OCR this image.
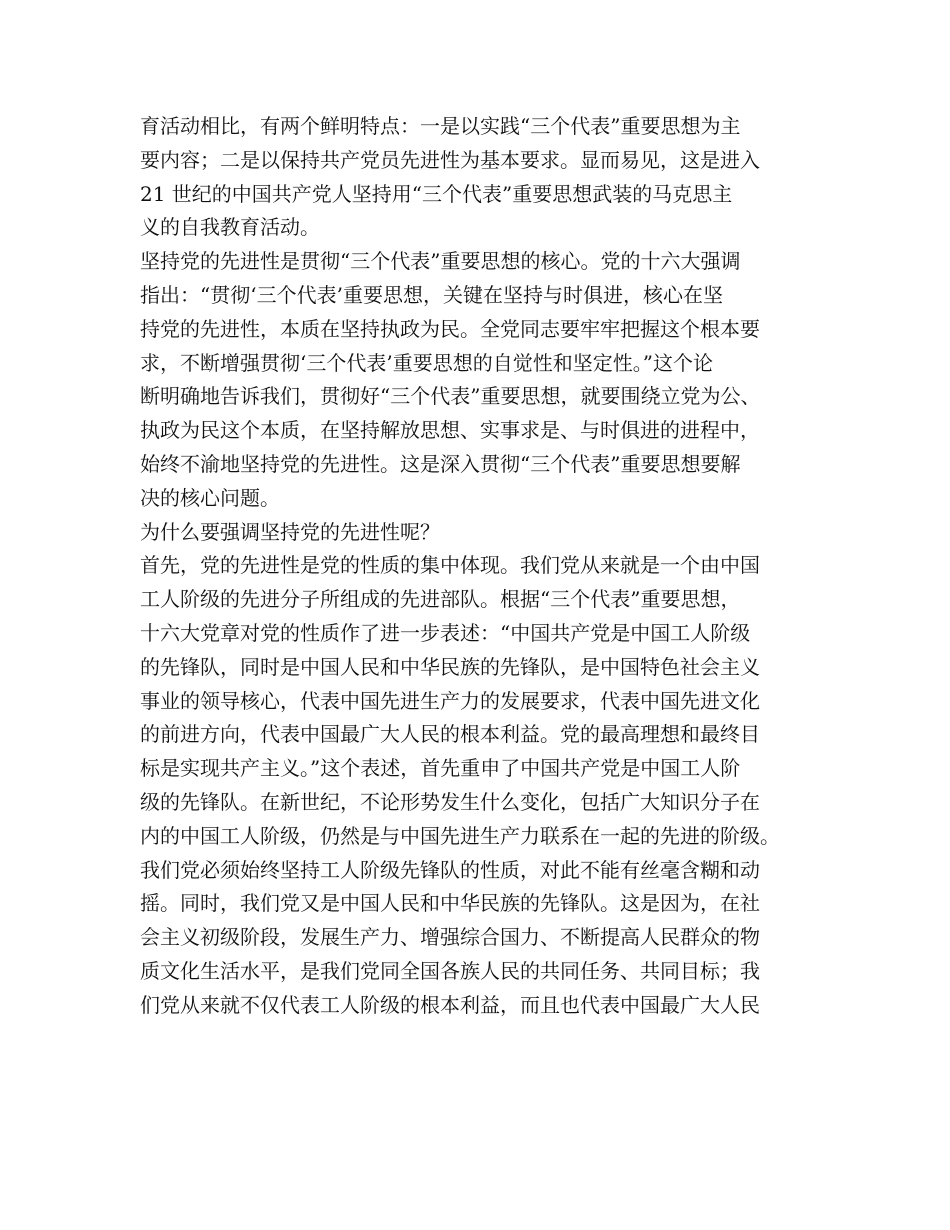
育活动相比，有两个鲜明特点：一是以实践“三个代表”重要思想为主
要内容；二是以保持共产党员先进性为基本要求。显而易见，这是进入
21 世纪的中国共产党人坚持用“三个代表”重要思想武装的马克思主
义的自我教育活动。
坚持党的先进性是贯彻“三个代表”重要思想的核心。党的十六大强调
指出：“贯彻‘三个代表’重要思想，关键在坚持与时俱进，核心在坚
持党的先进性，本质在坚持执政为民。全党同志要牢牢把握这个根本要
求，不断增强贯彻‘三个代表’重要思想的自觉性和坚定性。”这个论
断明确地告诉我们，贯彻好“三个代表”重要思想，就要围绕立党为公、
执政为民这个本质，在坚持解放思想、实事求是、与时俱进的进程中，
始终不渝地坚持党的先进性。这是深入贯彻“三个代表”重要思想要解
决的核心问题。
为什么要强调坚持党的先进性呢？
首先，党的先进性是党的性质的集中体现。我们党从来就是一个由中国
工人阶级的先进分子所组成的先进部队。根据“三个代表”重要思想，
十六大党章对党的性质作了进一步表述：“中国共产党是中国工人阶级
的先锋队，同时是中国人民和中华民族的先锋队，是中国特色社会主义
事业的领导核心，代表中国先进生产力的发展要求，代表中国先进文化
的前进方向，代表中国最广大人民的根本利益。党的最高理想和最终目
标是实现共产主义。”这个表述，首先重申了中国共产党是中国工人阶
级的先锋队。在新世纪，不论形势发生什么变化，包括广大知识分子在
内的中国工人阶级，仍然是与中国先进生产力联系在一起的先进的阶级。
我们党必须始终坚持工人阶级先锋队的性质，对此不能有丝毫含糊和动
摇。同时，我们党又是中国人民和中华民族的先锋队。这是因为，在社
会主义初级阶段，发展生产力、增强综合国力、不断提高人民群众的物
质文化生活水平，是我们党同全国各族人民的共同任务、共同目标；我
们党从来就不仅代表工人阶级的根本利益，而且也代表中国最广大人民
